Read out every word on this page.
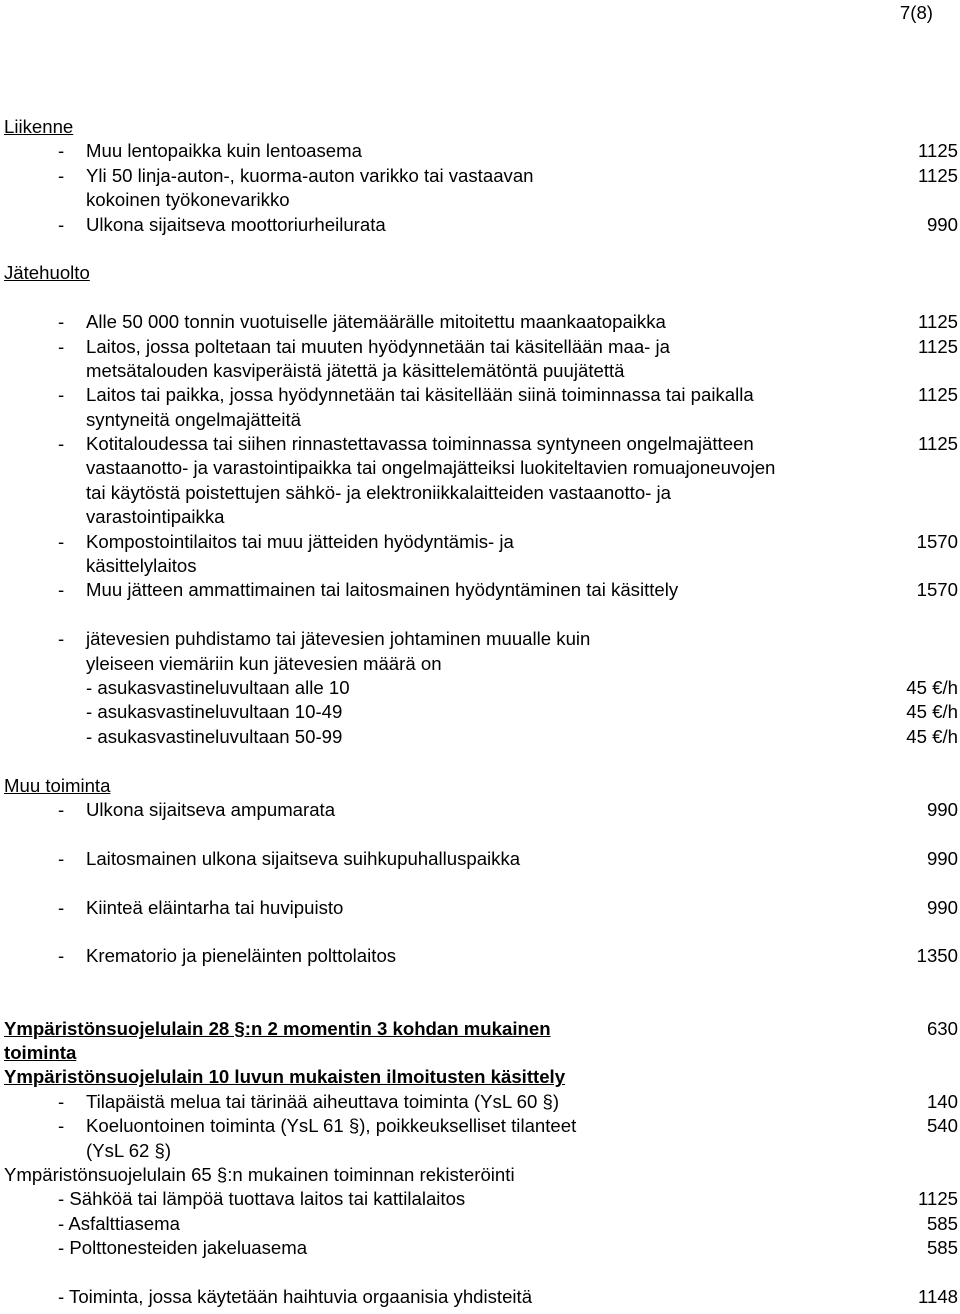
7(8)
Liikenne
- Muu lentopaikka kuin lentoasema	1125
- Yli 50 linja-auton-, kuorma-auton varikko tai vastaavan	1125
kokoinen työkonevarikko
- Ulkona sijaitseva moottoriurheilurata	990
Jätehuolto
- Alle 50 000 tonnin vuotuiselle jätemäärälle mitoitettu maankaatopaikka	1125
- Laitos, jossa poltetaan tai muuten hyödynnetään tai käsitellään maa- ja	1125
metsätalouden kasviperäistä jätettä ja käsittelemätöntä puujätettä
- Laitos tai paikka, jossa hyödynnetään tai käsitellään siinä toiminnassa tai paikalla	1125
syntyneitä ongelmajätteitä
- Kotitaloudessa tai siihen rinnastettavassa toiminnassa syntyneen ongelmajätteen	1125
vastaanotto- ja varastointipaikka tai ongelmajätteiksi luokiteltavien romuajoneuvojen
tai käytöstä poistettujen sähkö- ja elektroniikkalaitteiden vastaanotto- ja
varastointipaikka
- Kompostointilaitos tai muu jätteiden hyödyntämis- ja	1570
käsittelylaitos
- Muu jätteen ammattimainen tai laitosmainen hyödyntäminen tai käsittely	1570
- jätevesien puhdistamo tai jätevesien johtaminen muualle kuin
yleiseen viemäriin kun jätevesien määrä on
- asukasvastineluvultaan alle 10	45 €/h
- asukasvastineluvultaan 10-49	45 €/h
- asukasvastineluvultaan 50-99	45 €/h
Muu toiminta
- Ulkona sijaitseva ampumarata	990
- Laitosmainen ulkona sijaitseva suihkupuhalluspaikka	990
- Kiinteä eläintarha tai huvipuisto	990
- Krematorio ja pieneläinten polttolaitos	1350
Ympäristönsuojelulain 28 §:n 2 momentin 3 kohdan mukainen	630
toiminta
Ympäristönsuojelulain 10 luvun mukaisten ilmoitusten käsittely
- Tilapäistä melua tai tärinää aiheuttava toiminta (YsL 60 §)	140
- Koeluontoinen toiminta (YsL 61 §), poikkeukselliset tilanteet	540
(YsL 62 §)
Ympäristönsuojelulain 65 §:n mukainen toiminnan rekisteröinti
- Sähköä tai lämpöä tuottava laitos tai kattilalaitos	1125
- Asfalttiasema	585
- Polttonesteiden jakeluasema	585
- Toiminta, jossa käytetään haihtuvia orgaanisia yhdisteitä	1148
